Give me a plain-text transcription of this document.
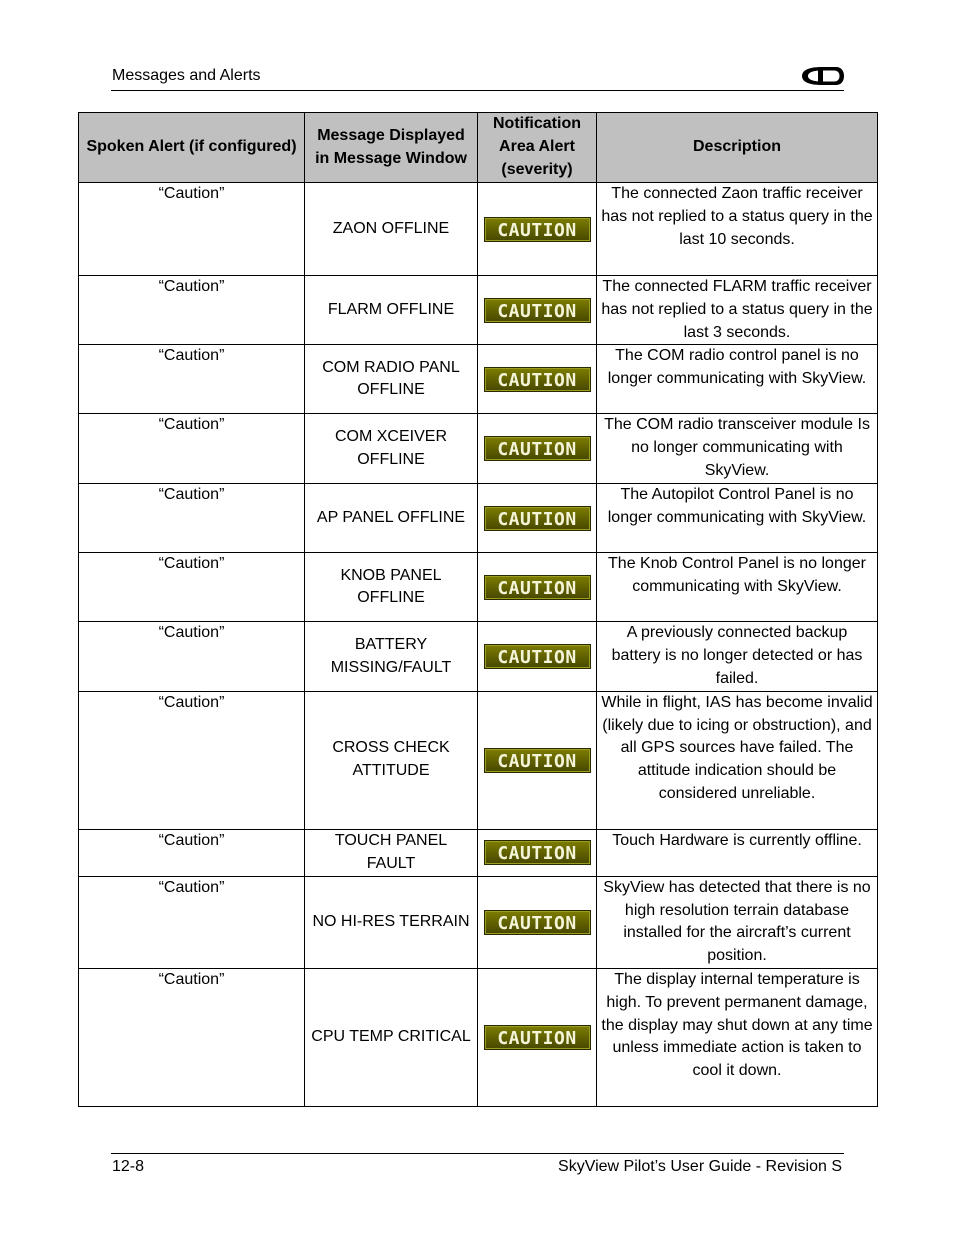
Messages and Alerts
Spoken Alert (if configured)	Message Displayed in Message Window	Notification Area Alert (severity)	Description
“Caution”	ZAON OFFLINE	CAUTION	The connected Zaon traffic receiver has not replied to a status query in the last 10 seconds.
“Caution”	FLARM OFFLINE	CAUTION	The connected FLARM traffic receiver has not replied to a status query in the last 3 seconds.
“Caution”	COM RADIO PANL OFFLINE	CAUTION	The COM radio control panel is no longer communicating with SkyView.
“Caution”	COM XCEIVER OFFLINE	CAUTION	The COM radio transceiver module Is no longer communicating with SkyView.
“Caution”	AP PANEL OFFLINE	CAUTION	The Autopilot Control Panel is no longer communicating with SkyView.
“Caution”	KNOB PANEL OFFLINE	CAUTION	The Knob Control Panel is no longer communicating with SkyView.
“Caution”	BATTERY MISSING/FAULT	CAUTION	A previously connected backup battery is no longer detected or has failed.
“Caution”	CROSS CHECK ATTITUDE	CAUTION	While in flight, IAS has become invalid (likely due to icing or obstruction), and all GPS sources have failed. The attitude indication should be considered unreliable.
“Caution”	TOUCH PANEL FAULT	CAUTION	Touch Hardware is currently offline.
“Caution”	NO HI-RES TERRAIN	CAUTION	SkyView has detected that there is no high resolution terrain database installed for the aircraft’s current position.
“Caution”	CPU TEMP CRITICAL	CAUTION	The display internal temperature is high. To prevent permanent damage, the display may shut down at any time unless immediate action is taken to cool it down.
12-8	SkyView Pilot’s User Guide - Revision S
